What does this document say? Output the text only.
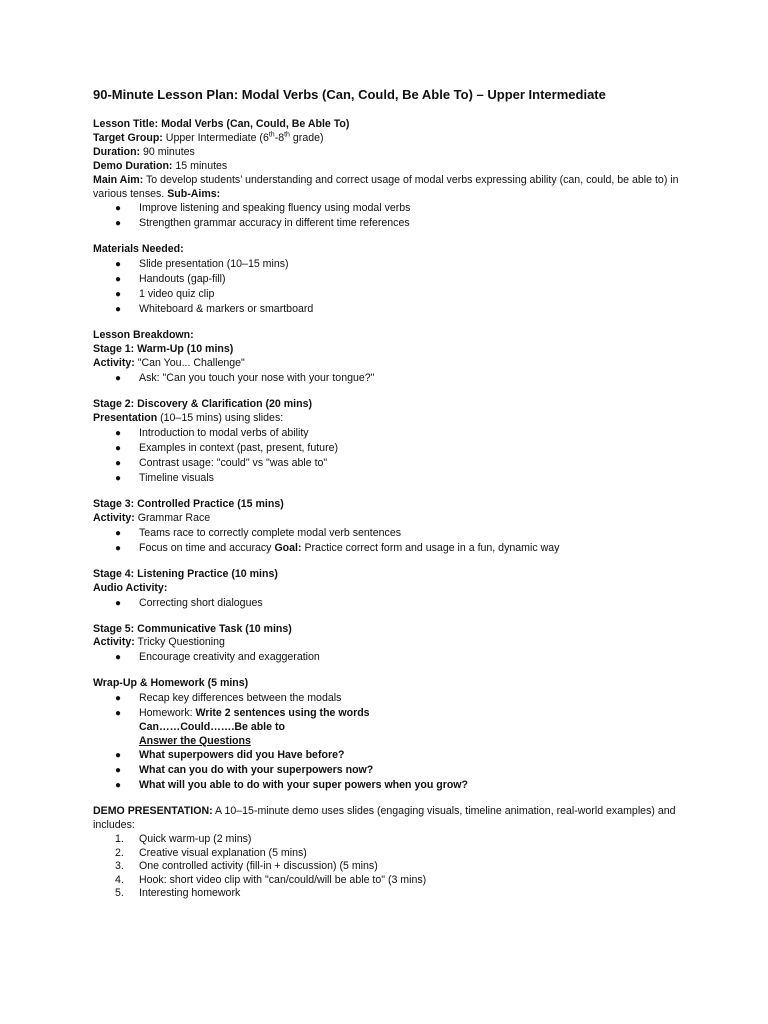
90-Minute Lesson Plan: Modal Verbs (Can, Could, Be Able To) – Upper Intermediate
Lesson Title: Modal Verbs (Can, Could, Be Able To)
Target Group: Upper Intermediate (6th-8th grade)
Duration: 90 minutes
Demo Duration: 15 minutes
Main Aim: To develop students’ understanding and correct usage of modal verbs expressing ability (can, could, be able to) in various tenses. Sub-Aims:
● Improve listening and speaking fluency using modal verbs
● Strengthen grammar accuracy in different time references
Materials Needed:
● Slide presentation (10–15 mins)
● Handouts (gap-fill)
● 1 video quiz clip
● Whiteboard & markers or smartboard
Lesson Breakdown:
Stage 1: Warm-Up (10 mins)
Activity: "Can You... Challenge"
● Ask: "Can you touch your nose with your tongue?"
Stage 2: Discovery & Clarification (20 mins)
Presentation (10–15 mins) using slides:
● Introduction to modal verbs of ability
● Examples in context (past, present, future)
● Contrast usage: "could" vs "was able to"
● Timeline visuals
Stage 3: Controlled Practice (15 mins)
Activity: Grammar Race
● Teams race to correctly complete modal verb sentences
● Focus on time and accuracy Goal: Practice correct form and usage in a fun, dynamic way
Stage 4: Listening Practice (10 mins)
Audio Activity:
● Correcting short dialogues
Stage 5: Communicative Task (10 mins)
Activity: Tricky Questioning
● Encourage creativity and exaggeration
Wrap-Up & Homework (5 mins)
● Recap key differences between the modals
● Homework: Write 2 sentences using the words
Can……Could…….Be able to
Answer the Questions
● What superpowers did you Have before?
● What can you do with your superpowers now?
● What will you able to do with your super powers when you grow?
DEMO PRESENTATION: A 10–15-minute demo uses slides (engaging visuals, timeline animation, real-world examples) and includes:
1. Quick warm-up (2 mins)
2. Creative visual explanation (5 mins)
3. One controlled activity (fill-in + discussion) (5 mins)
4. Hook: short video clip with "can/could/will be able to" (3 mins)
5. Interesting homework
